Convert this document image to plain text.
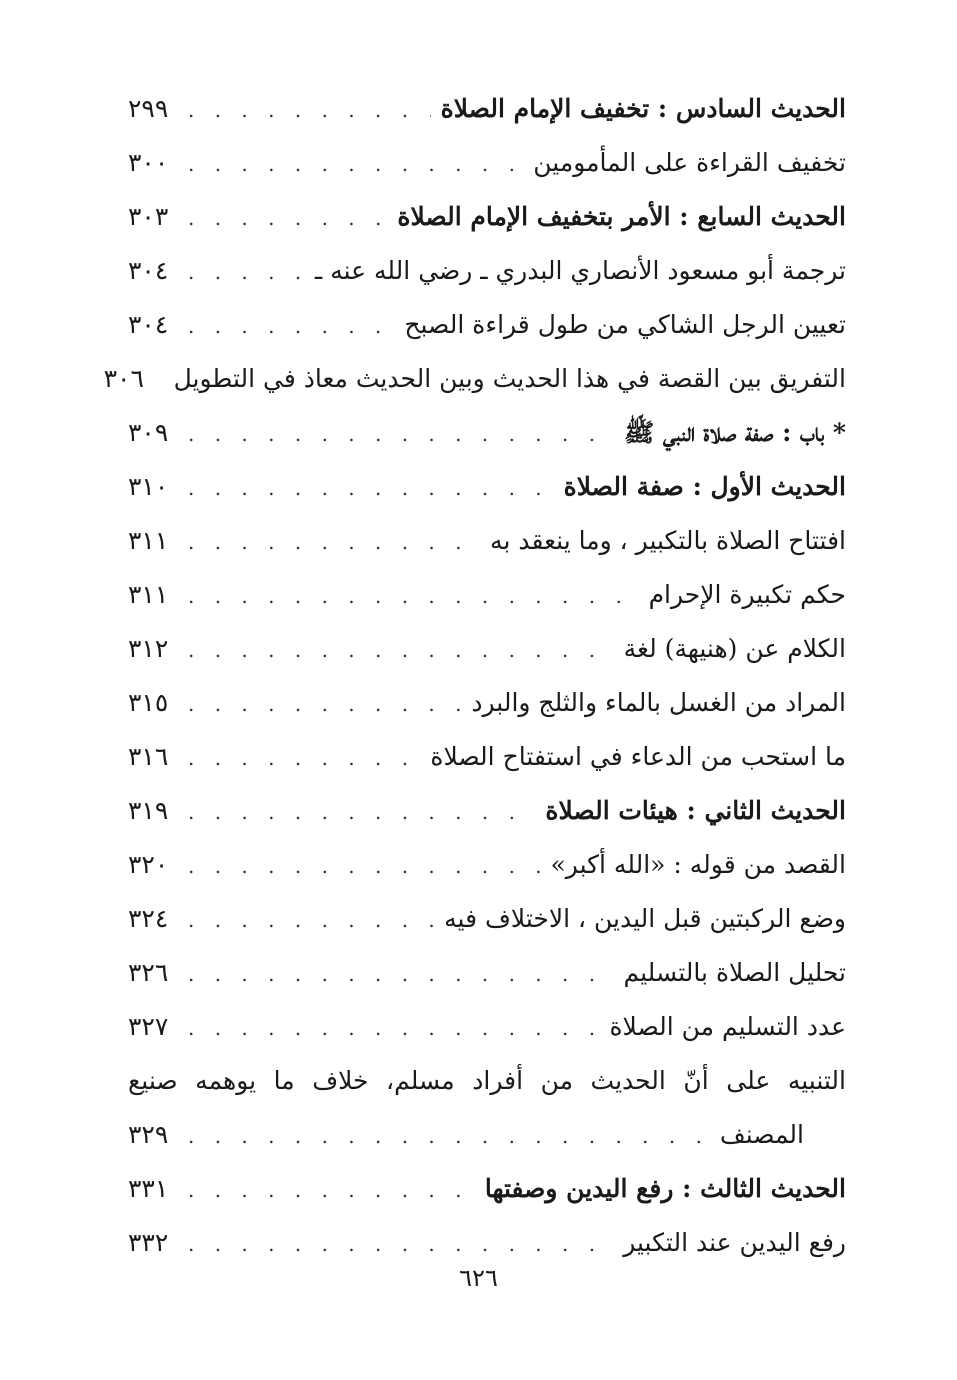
الحديث السادس : تخفيف الإمام الصلاة
. . .
٢٩٩
تخفيف القراءة على المأمومين
. . .
٣٠٠
الحديث السابع : الأمر بتخفيف الإمام الصلاة
. . .
٣٠٣
ترجمة أبو مسعود الأنصاري البدري ـ رضي الله عنه ـ
. . .
٣٠٤
تعيين الرجل الشاكي من طول قراءة الصبح
. . .
٣٠٤
التفريق بين القصة في هذا الحديث وبين الحديث معاذ في التطويل
٣٠٦
* باب : صفة صلاة النبي ﷺ
. . .
٣٠٩
الحديث الأول : صفة الصلاة
. . .
٣١٠
افتتاح الصلاة بالتكبير ، وما ينعقد به
. . .
٣١١
حكم تكبيرة الإحرام
. . .
٣١١
الكلام عن (هنيهة) لغة
. . .
٣١٢
المراد من الغسل بالماء والثلج والبرد
. . .
٣١٥
ما استحب من الدعاء في استفتاح الصلاة
. . .
٣١٦
الحديث الثاني : هيئات الصلاة
. . .
٣١٩
القصد من قوله : «الله أكبر»
. . .
٣٢٠
وضع الركبتين قبل اليدين ، الاختلاف فيه
. . .
٣٢٤
تحليل الصلاة بالتسليم
. . .
٣٢٦
عدد التسليم من الصلاة
. . .
٣٢٧
التنبيه على أنّ الحديث من أفراد مسلم، خلاف ما يوهمه صنيع
المصنف
. . .
٣٢٩
الحديث الثالث : رفع اليدين وصفتها
. . .
٣٣١
رفع اليدين عند التكبير
. . .
٣٣٢
٦٢٦
